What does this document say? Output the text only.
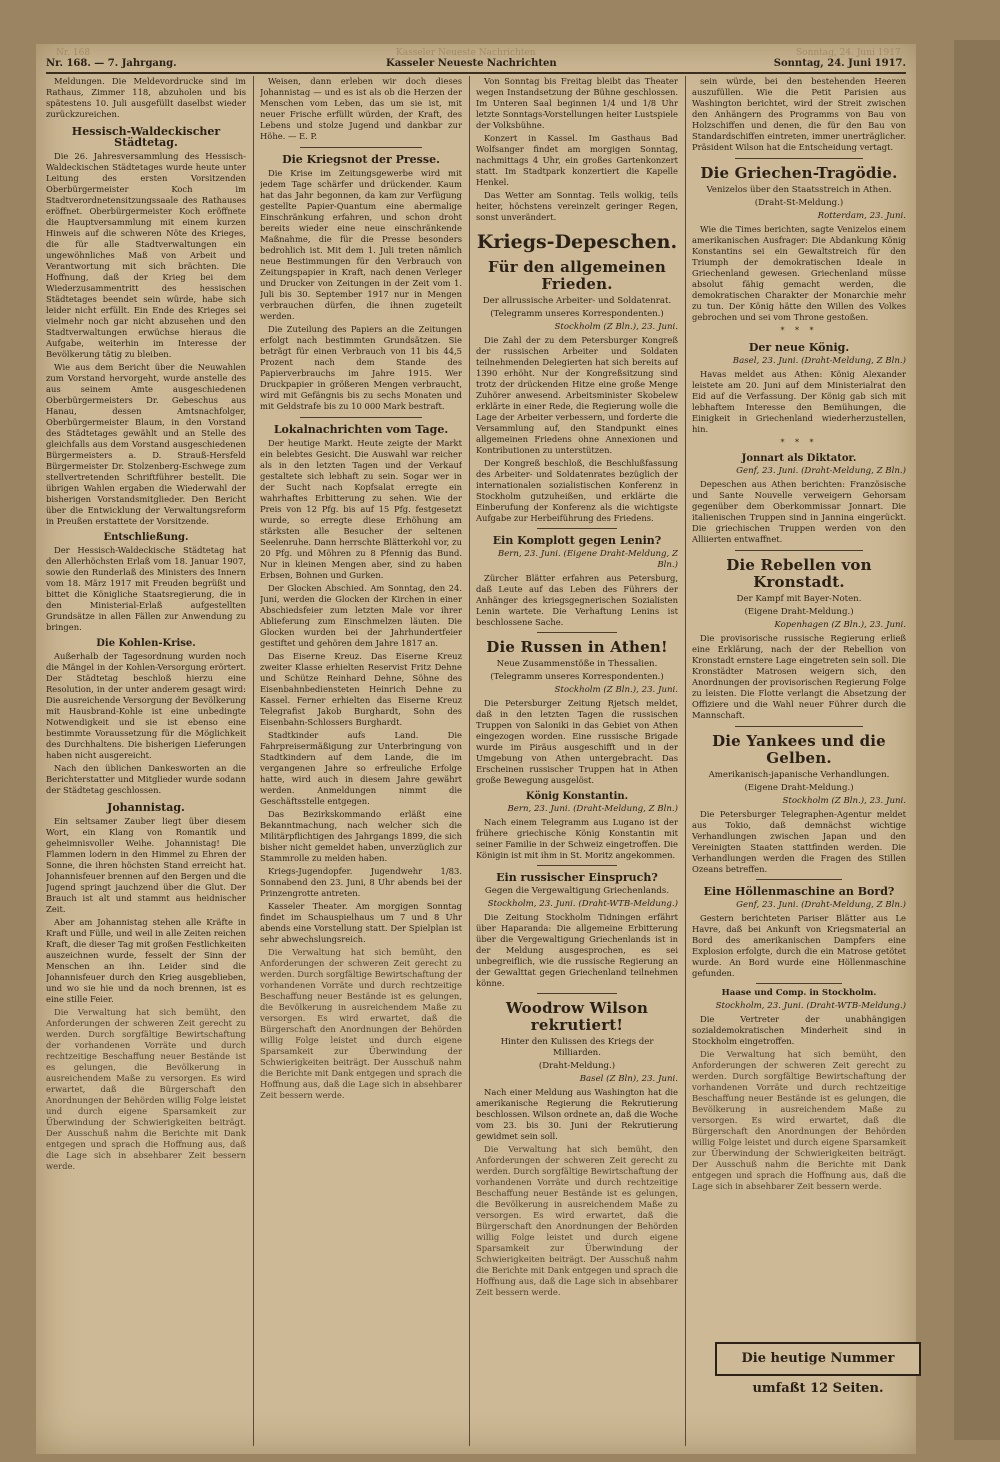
Nr. 168	Kasseler Neueste Nachrichten	Sonntag, 24. Juni 1917
Nr. 168. — 7. Jahrgang.	Kasseler Neueste Nachrichten	Sonntag, 24. Juni 1917.

Meldungen. Die Meldevordrucke sind im Rathaus, Zimmer 118, abzuholen und bis spätestens 10. Juli ausgefüllt daselbst wieder zurückzureichen.

Hessisch-Waldeckischer Städtetag.

Die 26. Jahresversammlung des Hessisch-Waldeckischen Städtetages wurde heute unter Leitung des ersten Vorsitzenden Oberbürgermeister Koch im Stadtverordnetensitzungssaale des Rathauses eröffnet. Oberbürgermeister Koch eröffnete die Hauptversammlung mit einem kurzen Hinweis auf die schweren Nöte des Krieges, die für alle Stadtverwaltungen ein ungewöhnliches Maß von Arbeit und Verantwortung mit sich brächten. Die Hoffnung, daß der Krieg bei dem Wiederzusammentritt des hessischen Städtetages beendet sein würde, habe sich leider nicht erfüllt. Ein Ende des Krieges sei vielmehr noch gar nicht abzusehen und den Stadtverwaltungen erwüchse hieraus die Aufgabe, weiterhin im Interesse der Bevölkerung tätig zu bleiben.

Wie aus dem Bericht über die Neuwahlen zum Vorstand hervorgeht, wurde anstelle des aus seinem Amte ausgeschiedenen Oberbürgermeisters Dr. Gebeschus aus Hanau, dessen Amtsnachfolger, Oberbürgermeister Blaum, in den Vorstand des Städtetages gewählt und an Stelle des gleichfalls aus dem Vorstand ausgeschiedenen Bürgermeisters a. D. Strauß-Hersfeld Bürgermeister Dr. Stolzenberg-Eschwege zum stellvertretenden Schriftführer bestellt. Die übrigen Wahlen ergaben die Wiederwahl der bisherigen Vorstandsmitglieder. Den Bericht über die Entwicklung der Verwaltungsreform in Preußen erstattete der Vorsitzende.

Entschließung.

Der Hessisch-Waldeckische Städtetag hat den Allerhöchsten Erlaß vom 18. Januar 1907, sowie den Runderlaß des Ministers des Innern vom 18. März 1917 mit Freuden begrüßt und bittet die Königliche Staatsregierung, die in den Ministerial-Erlaß aufgestellten Grundsätze in allen Fällen zur Anwendung zu bringen.

Die Kohlen-Krise.

Außerhalb der Tagesordnung wurden noch die Mängel in der Kohlen-Versorgung erörtert. Der Städtetag beschloß hierzu eine Resolution, in der unter anderem gesagt wird: Die ausreichende Versorgung der Bevölkerung mit Hausbrand-Kohle ist eine unbedingte Notwendigkeit und sie ist ebenso eine bestimmte Voraussetzung für die Möglichkeit des Durchhaltens. Die bisherigen Lieferungen haben nicht ausgereicht.

Nach den üblichen Dankesworten an die Berichterstatter und Mitglieder wurde sodann der Städtetag geschlossen.

Johannistag.

Ein seltsamer Zauber liegt über diesem Wort, ein Klang von Romantik und geheimnisvoller Weihe. Johannistag! Die Flammen lodern in den Himmel zu Ehren der Sonne, die ihren höchsten Stand erreicht hat. Johannisfeuer brennen auf den Bergen und die Jugend springt jauchzend über die Glut. Der Brauch ist alt und stammt aus heidnischer Zeit.

Aber am Johannistag stehen alle Kräfte in Kraft und Fülle, und weil in alle Zeiten reichen Kraft, die dieser Tag mit großen Festlichkeiten auszeichnen wurde, fesselt der Sinn der Menschen an ihn. Leider sind die Johannisfeuer durch den Krieg ausgeblieben, und wo sie hie und da noch brennen, ist es eine stille Feier.

Die Verwaltung hat sich bemüht, den Anforderungen der schweren Zeit gerecht zu werden. Durch sorgfältige Bewirtschaftung der vorhandenen Vorräte und durch rechtzeitige Beschaffung neuer Bestände ist es gelungen, die Bevölkerung in ausreichendem Maße zu versorgen. Es wird erwartet, daß die Bürgerschaft den Anordnungen der Behörden willig Folge leistet und durch eigene Sparsamkeit zur Überwindung der Schwierigkeiten beiträgt. Der Ausschuß nahm die Berichte mit Dank entgegen und sprach die Hoffnung aus, daß die Lage sich in absehbarer Zeit bessern werde.

Weisen, dann erleben wir doch dieses Johannistag — und es ist als ob die Herzen der Menschen vom Leben, das um sie ist, mit neuer Frische erfüllt würden, der Kraft, des Lebens und stolze Jugend und dankbar zur Höhe. — E. P.

Die Kriegsnot der Presse.

Die Krise im Zeitungsgewerbe wird mit jedem Tage schärfer und drückender. Kaum hat das Jahr begonnen, da kam zur Verfügung gestellte Papier-Quantum eine abermalige Einschränkung erfahren, und schon droht bereits wieder eine neue einschränkende Maßnahme, die für die Presse besonders bedrohlich ist. Mit dem 1. Juli treten nämlich neue Bestimmungen für den Verbrauch von Zeitungspapier in Kraft, nach denen Verleger und Drucker von Zeitungen in der Zeit vom 1. Juli bis 30. September 1917 nur in Mengen verbrauchen dürfen, die ihnen zugeteilt werden.

Die Zuteilung des Papiers an die Zeitungen erfolgt nach bestimmten Grundsätzen. Sie beträgt für einen Verbrauch von 11 bis 44,5 Prozent nach dem Stande des Papierverbrauchs im Jahre 1915. Wer Druckpapier in größeren Mengen verbraucht, wird mit Gefängnis bis zu sechs Monaten und mit Geldstrafe bis zu 10 000 Mark bestraft.

Lokalnachrichten vom Tage.

Der heutige Markt. Heute zeigte der Markt ein belebtes Gesicht. Die Auswahl war reicher als in den letzten Tagen und der Verkauf gestaltete sich lebhaft zu sein. Sogar wer in der Sucht nach Kopfsalat erregte ein wahrhaftes Erbitterung zu sehen. Wie der Preis von 12 Pfg. bis auf 15 Pfg. festgesetzt wurde, so erregte diese Erhöhung am stärksten alle Besucher der seltenen Seelenruhe. Dann herrschte Blätterkohl vor, zu 20 Pfg. und Möhren zu 8 Pfennig das Bund. Nur in kleinen Mengen aber, sind zu haben Erbsen, Bohnen und Gurken.

Der Glocken Abschied. Am Sonntag, den 24. Juni, werden die Glocken der Kirchen in einer Abschiedsfeier zum letzten Male vor ihrer Ablieferung zum Einschmelzen läuten. Die Glocken wurden bei der Jahrhundertfeier gestiftet und gehören dem Jahre 1817 an.

Das Eiserne Kreuz. Das Eiserne Kreuz zweiter Klasse erhielten Reservist Fritz Dehne und Schütze Reinhard Dehne, Söhne des Eisenbahnbediensteten Heinrich Dehne zu Kassel. Ferner erhielten das Eiserne Kreuz Telegrafist Jakob Burghardt, Sohn des Eisenbahn-Schlossers Burghardt.

Stadtkinder aufs Land. Die Fahrpreisermäßigung zur Unterbringung von Stadtkindern auf dem Lande, die im vergangenen Jahre so erfreuliche Erfolge hatte, wird auch in diesem Jahre gewährt werden. Anmeldungen nimmt die Geschäftsstelle entgegen.

Das Bezirkskommando erläßt eine Bekanntmachung, nach welcher sich die Militärpflichtigen des Jahrgangs 1899, die sich bisher nicht gemeldet haben, unverzüglich zur Stammrolle zu melden haben.

Kriegs-Jugendopfer. Jugendwehr 1/83. Sonnabend den 23. Juni, 8 Uhr abends bei der Prinzengrotte antreten.

Kasseler Theater. Am morgigen Sonntag findet im Schauspielhaus um 7 und 8 Uhr abends eine Vorstellung statt. Der Spielplan ist sehr abwechslungsreich.

Die Verwaltung hat sich bemüht, den Anforderungen der schweren Zeit gerecht zu werden. Durch sorgfältige Bewirtschaftung der vorhandenen Vorräte und durch rechtzeitige Beschaffung neuer Bestände ist es gelungen, die Bevölkerung in ausreichendem Maße zu versorgen. Es wird erwartet, daß die Bürgerschaft den Anordnungen der Behörden willig Folge leistet und durch eigene Sparsamkeit zur Überwindung der Schwierigkeiten beiträgt. Der Ausschuß nahm die Berichte mit Dank entgegen und sprach die Hoffnung aus, daß die Lage sich in absehbarer Zeit bessern werde.

Von Sonntag bis Freitag bleibt das Theater wegen Instandsetzung der Bühne geschlossen. Im Unteren Saal beginnen 1/4 und 1/8 Uhr letzte Sonntags-Vorstellungen heiter Lustspiele der Volksbühne.

Konzert in Kassel. Im Gasthaus Bad Wolfsanger findet am morgigen Sonntag, nachmittags 4 Uhr, ein großes Gartenkonzert statt. Im Stadtpark konzertiert die Kapelle Henkel.

Das Wetter am Sonntag. Teils wolkig, teils heiter, höchstens vereinzelt geringer Regen, sonst unverändert.

Kriegs-Depeschen.
Für den allgemeinen Frieden.
Der allrussische Arbeiter- und Soldatenrat.
(Telegramm unseres Korrespondenten.)
Stockholm (Z Bln.), 23. Juni.

Die Zahl der zu dem Petersburger Kongreß der russischen Arbeiter und Soldaten teilnehmenden Delegierten hat sich bereits auf 1390 erhöht. Nur der Kongreßsitzung sind trotz der drückenden Hitze eine große Menge Zuhörer anwesend. Arbeitsminister Skobelew erklärte in einer Rede, die Regierung wolle die Lage der Arbeiter verbessern, und forderte die Versammlung auf, den Standpunkt eines allgemeinen Friedens ohne Annexionen und Kontributionen zu unterstützen.

Der Kongreß beschloß, die Beschlußfassung des Arbeiter- und Soldatenrates bezüglich der internationalen sozialistischen Konferenz in Stockholm gutzuheißen, und erklärte die Einberufung der Konferenz als die wichtigste Aufgabe zur Herbeiführung des Friedens.

Ein Komplott gegen Lenin?
Bern, 23. Juni. (Eigene Draht-Meldung, Z Bln.)

Zürcher Blätter erfahren aus Petersburg, daß Leute auf das Leben des Führers der Anhänger des kriegsgegnerischen Sozialisten Lenin wartete. Die Verhaftung Lenins ist beschlossene Sache.

Die Russen in Athen!
Neue Zusammenstöße in Thessalien.
(Telegramm unseres Korrespondenten.)
Stockholm (Z Bln.), 23. Juni.

Die Petersburger Zeitung Rjetsch meldet, daß in den letzten Tagen die russischen Truppen von Saloniki in das Gebiet von Athen eingezogen worden. Eine russische Brigade wurde im Piräus ausgeschifft und in der Umgebung von Athen untergebracht. Das Erscheinen russischer Truppen hat in Athen große Bewegung ausgelöst.

König Konstantin.
Bern, 23. Juni. (Draht-Meldung, Z Bln.)

Nach einem Telegramm aus Lugano ist der frühere griechische König Konstantin mit seiner Familie in der Schweiz eingetroffen. Die Königin ist mit ihm in St. Moritz angekommen.

Ein russischer Einspruch?
Gegen die Vergewaltigung Griechenlands.
Stockholm, 23. Juni. (Draht-WTB-Meldung.)

Die Zeitung Stockholm Tidningen erfährt über Haparanda: Die allgemeine Erbitterung über die Vergewaltigung Griechenlands ist in der Meldung ausgesprochen, es sei unbegreiflich, wie die russische Regierung an der Gewalttat gegen Griechenland teilnehmen könne.

Woodrow Wilson rekrutiert!
Hinter den Kulissen des Kriegs der Milliarden.
(Draht-Meldung.)
Basel (Z Bln), 23. Juni.

Nach einer Meldung aus Washington hat die amerikanische Regierung die Rekrutierung beschlossen. Wilson ordnete an, daß die Woche vom 23. bis 30. Juni der Rekrutierung gewidmet sein soll.

Die Verwaltung hat sich bemüht, den Anforderungen der schweren Zeit gerecht zu werden. Durch sorgfältige Bewirtschaftung der vorhandenen Vorräte und durch rechtzeitige Beschaffung neuer Bestände ist es gelungen, die Bevölkerung in ausreichendem Maße zu versorgen. Es wird erwartet, daß die Bürgerschaft den Anordnungen der Behörden willig Folge leistet und durch eigene Sparsamkeit zur Überwindung der Schwierigkeiten beiträgt. Der Ausschuß nahm die Berichte mit Dank entgegen und sprach die Hoffnung aus, daß die Lage sich in absehbarer Zeit bessern werde.

sein würde, bei den bestehenden Heeren auszufüllen. Wie die Petit Parisien aus Washington berichtet, wird der Streit zwischen den Anhängern des Programms von Bau von Holzschiffen und denen, die für den Bau von Standardschiffen eintreten, immer unerträglicher. Präsident Wilson hat die Entscheidung vertagt.

Die Griechen-Tragödie.
Venizelos über den Staatsstreich in Athen.
(Draht-St-Meldung.)
Rotterdam, 23. Juni.

Wie die Times berichten, sagte Venizelos einem amerikanischen Ausfrager: Die Abdankung König Konstantins sei ein Gewaltstreich für den Triumph der demokratischen Ideale in Griechenland gewesen. Griechenland müsse absolut fähig gemacht werden, die demokratischen Charakter der Monarchie mehr zu tun. Der König hätte den Willen des Volkes gebrochen und sei vom Throne gestoßen.

* * *
Der neue König.
Basel, 23. Juni. (Draht-Meldung, Z Bln.)

Havas meldet aus Athen: König Alexander leistete am 20. Juni auf dem Ministerialrat den Eid auf die Verfassung. Der König gab sich mit lebhaftem Interesse den Bemühungen, die Einigkeit in Griechenland wiederherzustellen, hin.

* * *
Jonnart als Diktator.
Genf, 23. Juni. (Draht-Meldung, Z Bln.)

Depeschen aus Athen berichten: Französische und Sante Nouvelle verweigern Gehorsam gegenüber dem Oberkommissar Jonnart. Die italienischen Truppen sind in Jannina eingerückt. Die griechischen Truppen werden von den Alliierten entwaffnet.

Die Rebellen von Kronstadt.
Der Kampf mit Bayer-Noten.
(Eigene Draht-Meldung.)
Kopenhagen (Z Bln.), 23. Juni.

Die provisorische russische Regierung erließ eine Erklärung, nach der der Rebellion von Kronstadt ernstere Lage eingetreten sein soll. Die Kronstädter Matrosen weigern sich, den Anordnungen der provisorischen Regierung Folge zu leisten. Die Flotte verlangt die Absetzung der Offiziere und die Wahl neuer Führer durch die Mannschaft.

Die Yankees und die Gelben.
Amerikanisch-japanische Verhandlungen.
(Eigene Draht-Meldung.)
Stockholm (Z Bln.), 23. Juni.

Die Petersburger Telegraphen-Agentur meldet aus Tokio, daß demnächst wichtige Verhandlungen zwischen Japan und den Vereinigten Staaten stattfinden werden. Die Verhandlungen werden die Fragen des Stillen Ozeans betreffen.

Eine Höllenmaschine an Bord?
Genf, 23. Juni. (Draht-Meldung, Z Bln.)

Gestern berichteten Pariser Blätter aus Le Havre, daß bei Ankunft von Kriegsmaterial an Bord des amerikanischen Dampfers eine Explosion erfolgte, durch die ein Matrose getötet wurde. An Bord wurde eine Höllenmaschine gefunden.

Haase und Comp. in Stockholm.
Stockholm, 23. Juni. (Draht-WTB-Meldung.)

Die Vertreter der unabhängigen sozialdemokratischen Minderheit sind in Stockholm eingetroffen.

Die Verwaltung hat sich bemüht, den Anforderungen der schweren Zeit gerecht zu werden. Durch sorgfältige Bewirtschaftung der vorhandenen Vorräte und durch rechtzeitige Beschaffung neuer Bestände ist es gelungen, die Bevölkerung in ausreichendem Maße zu versorgen. Es wird erwartet, daß die Bürgerschaft den Anordnungen der Behörden willig Folge leistet und durch eigene Sparsamkeit zur Überwindung der Schwierigkeiten beiträgt. Der Ausschuß nahm die Berichte mit Dank entgegen und sprach die Hoffnung aus, daß die Lage sich in absehbarer Zeit bessern werde.

Die heutige Nummer umfaßt 12 Seiten.
